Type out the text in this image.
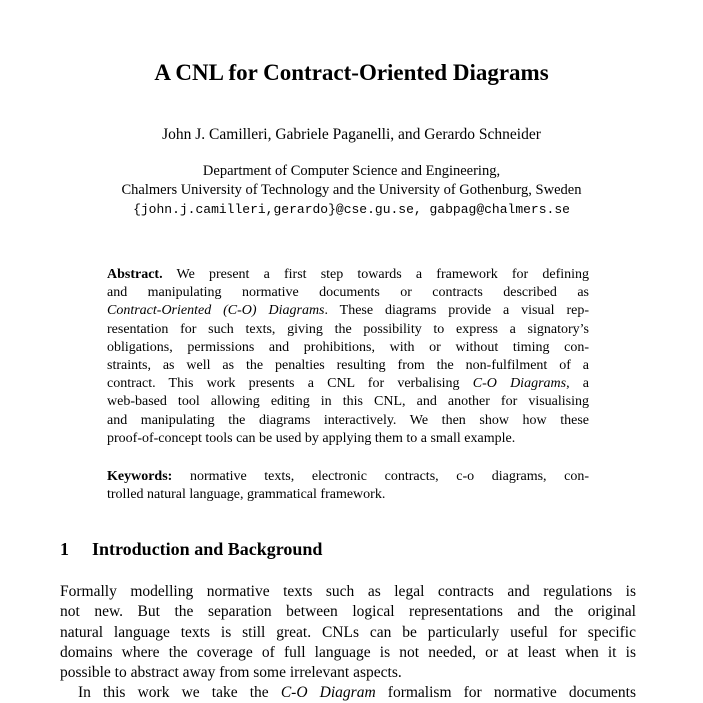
A CNL for Contract-Oriented Diagrams
John J. Camilleri, Gabriele Paganelli, and Gerardo Schneider
Department of Computer Science and Engineering,
Chalmers University of Technology and the University of Gothenburg, Sweden
{john.j.camilleri,gerardo}@cse.gu.se, gabpag@chalmers.se
Abstract. We present a first step towards a framework for defining
and manipulating normative documents or contracts described as
Contract-Oriented (C-O) Diagrams. These diagrams provide a visual rep-
resentation for such texts, giving the possibility to express a signatory’s
obligations, permissions and prohibitions, with or without timing con-
straints, as well as the penalties resulting from the non-fulfilment of a
contract. This work presents a CNL for verbalising C-O Diagrams, a
web-based tool allowing editing in this CNL, and another for visualising
and manipulating the diagrams interactively. We then show how these
proof-of-concept tools can be used by applying them to a small example.
Keywords: normative texts, electronic contracts, c-o diagrams, con-
trolled natural language, grammatical framework.
1 Introduction and Background
Formally modelling normative texts such as legal contracts and regulations is
not new. But the separation between logical representations and the original
natural language texts is still great. CNLs can be particularly useful for specific
domains where the coverage of full language is not needed, or at least when it is
possible to abstract away from some irrelevant aspects.
In this work we take the C-O Diagram formalism for normative documents
